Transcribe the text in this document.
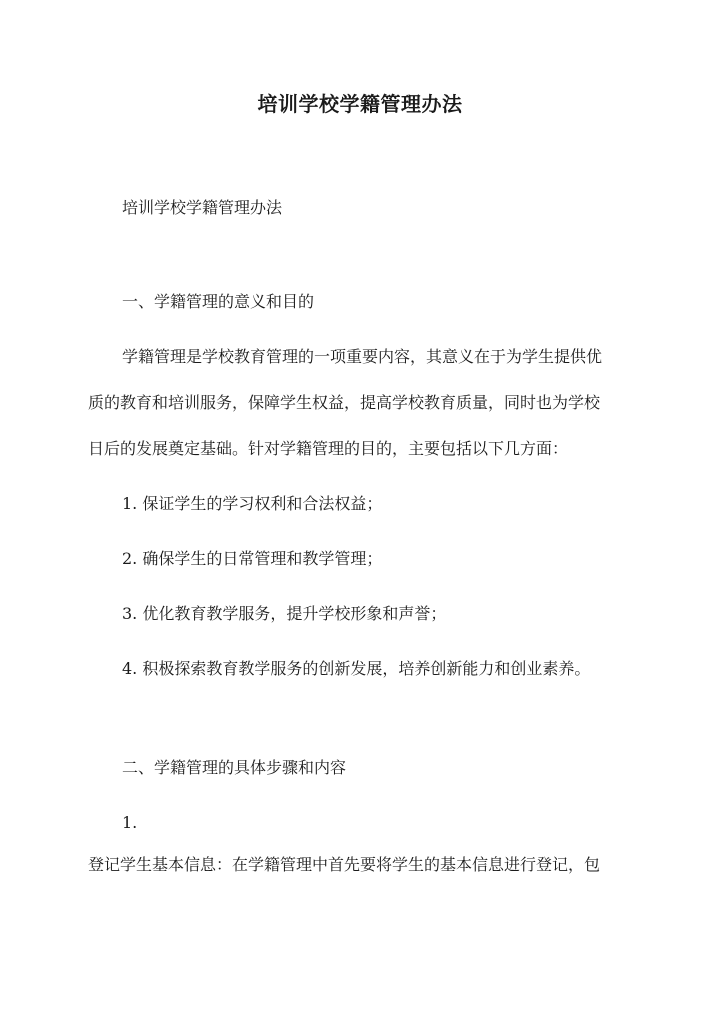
培训学校学籍管理办法
培训学校学籍管理办法
一、学籍管理的意义和目的
学籍管理是学校教育管理的一项重要内容，其意义在于为学生提供优
质的教育和培训服务，保障学生权益，提高学校教育质量，同时也为学校
日后的发展奠定基础。针对学籍管理的目的，主要包括以下几方面：
1. 保证学生的学习权利和合法权益；
2. 确保学生的日常管理和教学管理；
3. 优化教育教学服务，提升学校形象和声誉；
4. 积极探索教育教学服务的创新发展，培养创新能力和创业素养。
二、学籍管理的具体步骤和内容
1.
登记学生基本信息：在学籍管理中首先要将学生的基本信息进行登记，包
